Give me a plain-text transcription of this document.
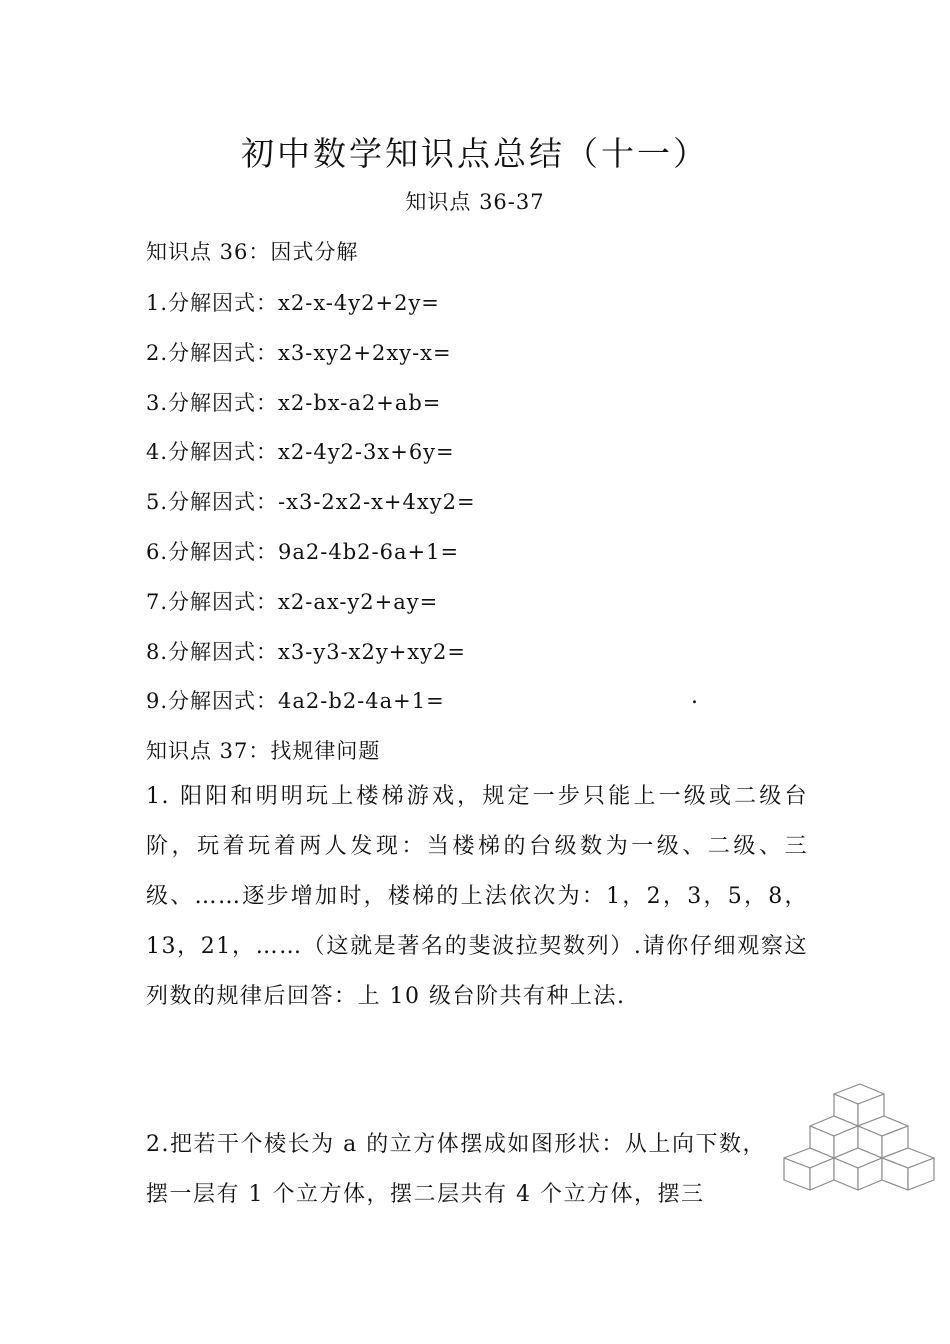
初中数学知识点总结（十一）
知识点 36-37
知识点 36：因式分解
1.分解因式：x2-x-4y2+2y=
2.分解因式：x3-xy2+2xy-x=
3.分解因式：x2-bx-a2+ab=
4.分解因式：x2-4y2-3x+6y=
5.分解因式：-x3-2x2-x+4xy2=
6.分解因式：9a2-4b2-6a+1=
7.分解因式：x2-ax-y2+ay=
8.分解因式：x3-y3-x2y+xy2=
9.分解因式：4a2-b2-4a+1=	.
知识点 37：找规律问题
1. 阳阳和明明玩上楼梯游戏，规定一步只能上一级或二级台阶，玩着玩着两人发现：当楼梯的台级数为一级、二级、三级、……逐步增加时，楼梯的上法依次为：1，2，3，5，8，13，21，……（这就是著名的斐波拉契数列）.请你仔细观察这列数的规律后回答：上 10 级台阶共有种上法.
2.把若干个棱长为 a 的立方体摆成如图形状：从上向下数，摆一层有 1 个立方体，摆二层共有 4 个立方体，摆三
